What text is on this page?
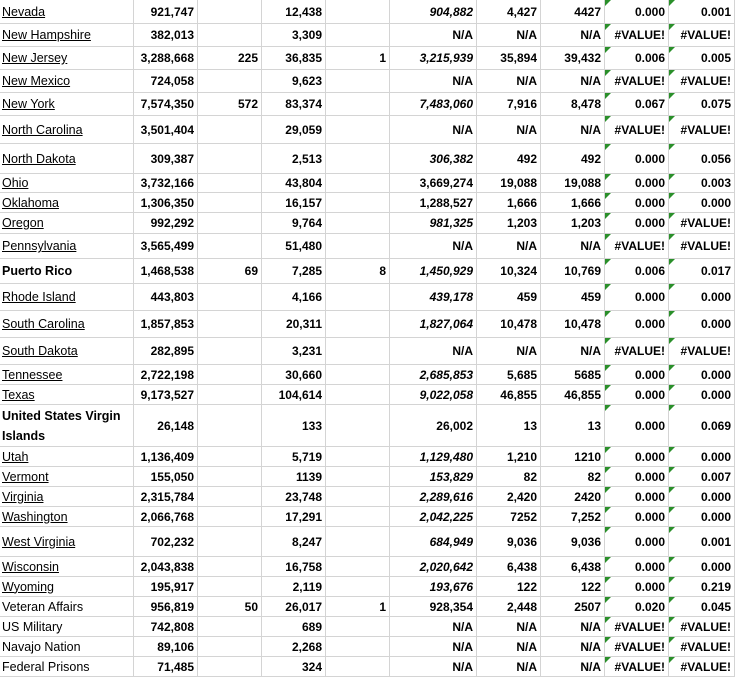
Nevada	921,747		12,438		904,882	4,427	4427	0.000	0.001
New Hampshire	382,013		3,309		N/A	N/A	N/A	#VALUE!	#VALUE!
New Jersey	3,288,668	225	36,835	1	3,215,939	35,894	39,432	0.006	0.005
New Mexico	724,058		9,623		N/A	N/A	N/A	#VALUE!	#VALUE!
New York	7,574,350	572	83,374		7,483,060	7,916	8,478	0.067	0.075
North Carolina	3,501,404		29,059		N/A	N/A	N/A	#VALUE!	#VALUE!
North Dakota	309,387		2,513		306,382	492	492	0.000	0.056
Ohio	3,732,166		43,804		3,669,274	19,088	19,088	0.000	0.003
Oklahoma	1,306,350		16,157		1,288,527	1,666	1,666	0.000	0.000
Oregon	992,292		9,764		981,325	1,203	1,203	0.000	#VALUE!
Pennsylvania	3,565,499		51,480		N/A	N/A	N/A	#VALUE!	#VALUE!
Puerto Rico	1,468,538	69	7,285	8	1,450,929	10,324	10,769	0.006	0.017
Rhode Island	443,803		4,166		439,178	459	459	0.000	0.000
South Carolina	1,857,853		20,311		1,827,064	10,478	10,478	0.000	0.000
South Dakota	282,895		3,231		N/A	N/A	N/A	#VALUE!	#VALUE!
Tennessee	2,722,198		30,660		2,685,853	5,685	5685	0.000	0.000
Texas	9,173,527		104,614		9,022,058	46,855	46,855	0.000	0.000
United States Virgin Islands	26,148		133		26,002	13	13	0.000	0.069
Utah	1,136,409		5,719		1,129,480	1,210	1210	0.000	0.000
Vermont	155,050		1139		153,829	82	82	0.000	0.007
Virginia	2,315,784		23,748		2,289,616	2,420	2420	0.000	0.000
Washington	2,066,768		17,291		2,042,225	7252	7,252	0.000	0.000
West Virginia	702,232		8,247		684,949	9,036	9,036	0.000	0.001
Wisconsin	2,043,838		16,758		2,020,642	6,438	6,438	0.000	0.000
Wyoming	195,917		2,119		193,676	122	122	0.000	0.219
Veteran Affairs	956,819	50	26,017	1	928,354	2,448	2507	0.020	0.045
US Military	742,808		689		N/A	N/A	N/A	#VALUE!	#VALUE!
Navajo Nation	89,106		2,268		N/A	N/A	N/A	#VALUE!	#VALUE!
Federal Prisons	71,485		324		N/A	N/A	N/A	#VALUE!	#VALUE!
